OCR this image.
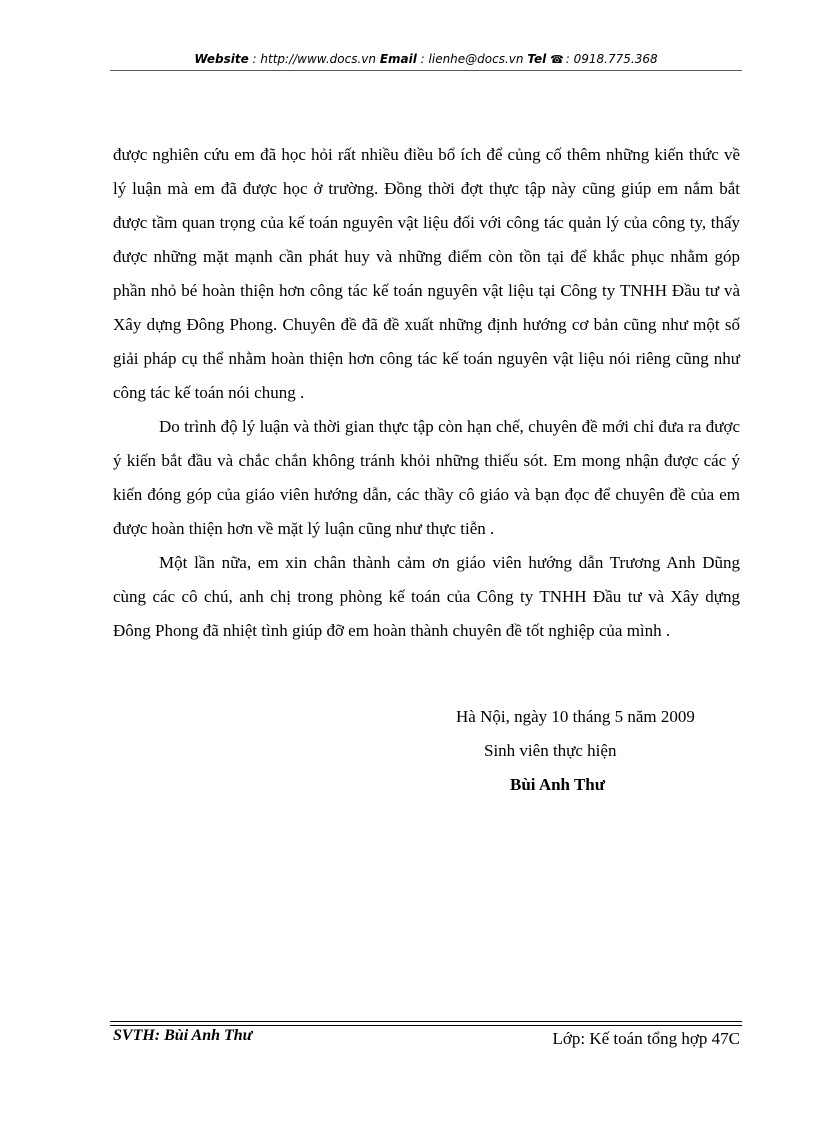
Website : http://www.docs.vn Email : lienhe@docs.vn Tel ☎ : 0918.775.368

được nghiên cứu em đã học hỏi rất nhiều điều bổ ích để củng cố thêm những kiến thức về lý luận mà em đã được học ở trường. Đồng thời đợt thực tập này cũng giúp em nắm bắt được tầm quan trọng của kế toán nguyên vật liệu đối với công tác quản lý của công ty, thấy được những mặt mạnh cần phát huy và những điểm còn tồn tại để khắc phục nhằm góp phần nhỏ bé hoàn thiện hơn công tác kế toán nguyên vật liệu tại Công ty TNHH Đầu tư và Xây dựng Đông Phong. Chuyên đề đã đề xuất những định hướng cơ bản cũng như một số giải pháp cụ thể nhằm hoàn thiện hơn công tác kế toán nguyên vật liệu nói riêng cũng như công tác kế toán nói chung .

Do trình độ lý luận và thời gian thực tập còn hạn chế, chuyên đề mới chỉ đưa ra được ý kiến bắt đầu và chắc chắn không tránh khỏi những thiếu sót. Em mong nhận được các ý kiến đóng góp của giáo viên hướng dẫn, các thầy cô giáo và bạn đọc để chuyên đề của em được hoàn thiện hơn về mặt lý luận cũng như thực tiễn .

Một lần nữa, em xin chân thành cảm ơn giáo viên hướng dẫn Trương Anh Dũng cùng các cô chú, anh chị trong phòng kế toán của Công ty TNHH Đầu tư và Xây dựng Đông Phong đã nhiệt tình giúp đỡ em hoàn thành chuyên đề tốt nghiệp của mình .

Hà Nội, ngày 10 tháng 5 năm 2009
Sinh viên thực hiện
Bùi Anh Thư
SVTH: Bùi Anh Thư	Lớp: Kế toán tổng hợp 47C
